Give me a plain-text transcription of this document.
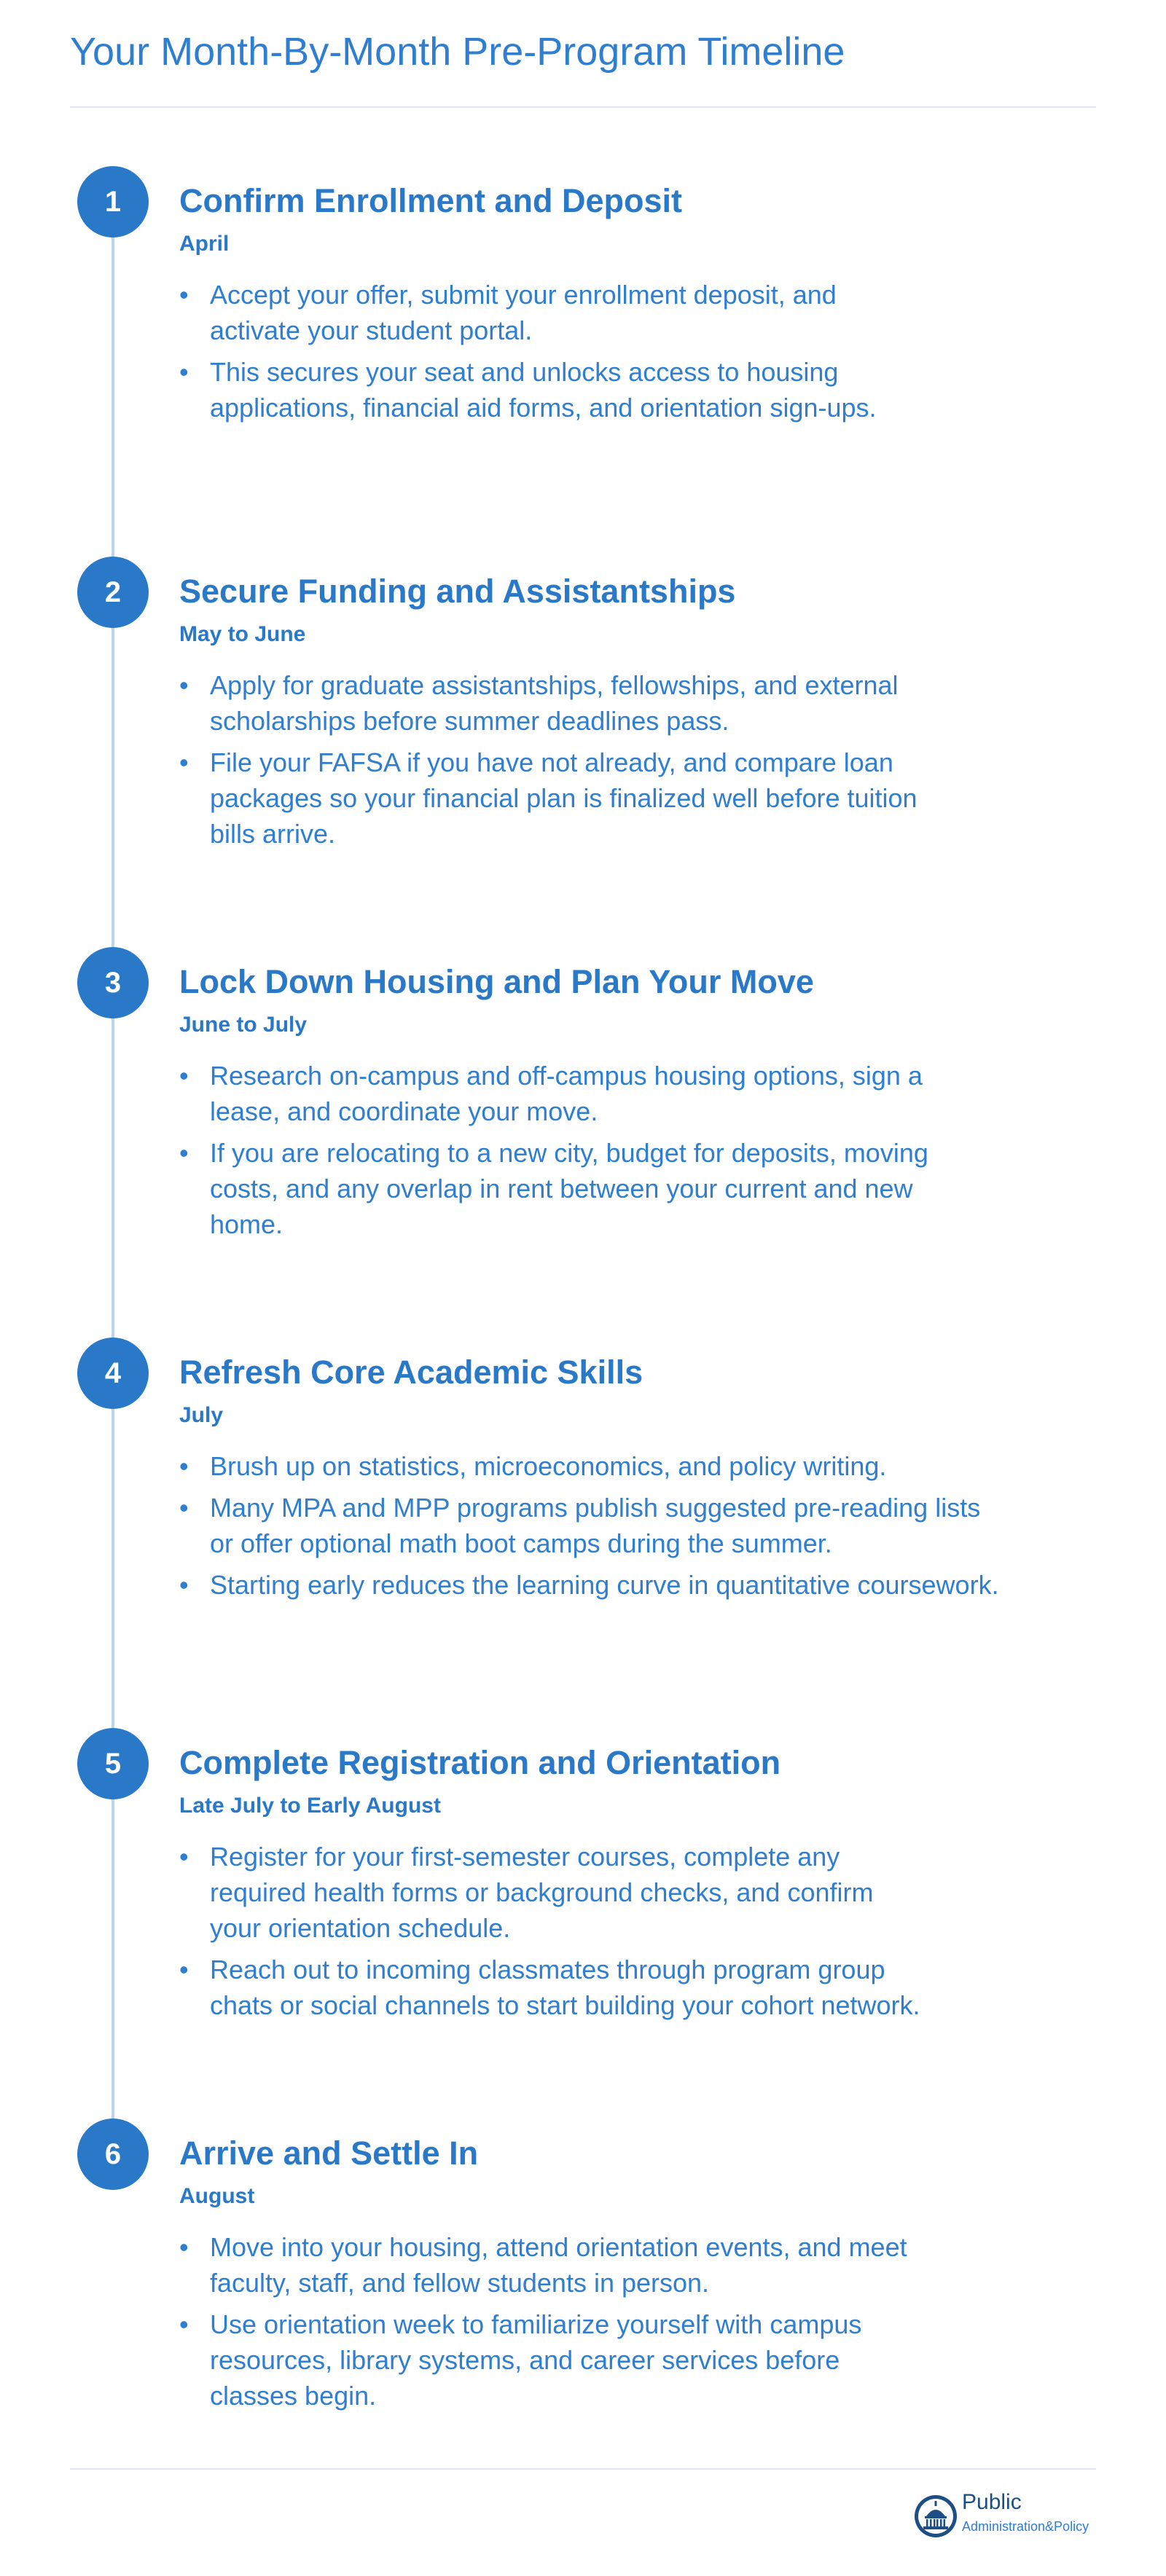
Your Month-By-Month Pre-Program Timeline
1	Confirm Enrollment and Deposit
April
• Accept your offer, submit your enrollment deposit, and activate your student portal.
• This secures your seat and unlocks access to housing applications, financial aid forms, and orientation sign-ups.
2	Secure Funding and Assistantships
May to June
• Apply for graduate assistantships, fellowships, and external scholarships before summer deadlines pass.
• File your FAFSA if you have not already, and compare loan packages so your financial plan is finalized well before tuition bills arrive.
3	Lock Down Housing and Plan Your Move
June to July
• Research on-campus and off-campus housing options, sign a lease, and coordinate your move.
• If you are relocating to a new city, budget for deposits, moving costs, and any overlap in rent between your current and new home.
4	Refresh Core Academic Skills
July
• Brush up on statistics, microeconomics, and policy writing.
• Many MPA and MPP programs publish suggested pre-reading lists or offer optional math boot camps during the summer.
• Starting early reduces the learning curve in quantitative coursework.
5	Complete Registration and Orientation
Late July to Early August
• Register for your first-semester courses, complete any required health forms or background checks, and confirm your orientation schedule.
• Reach out to incoming classmates through program group chats or social channels to start building your cohort network.
6	Arrive and Settle In
August
• Move into your housing, attend orientation events, and meet faculty, staff, and fellow students in person.
• Use orientation week to familiarize yourself with campus resources, library systems, and career services before classes begin.
Public
Administration&Policy
